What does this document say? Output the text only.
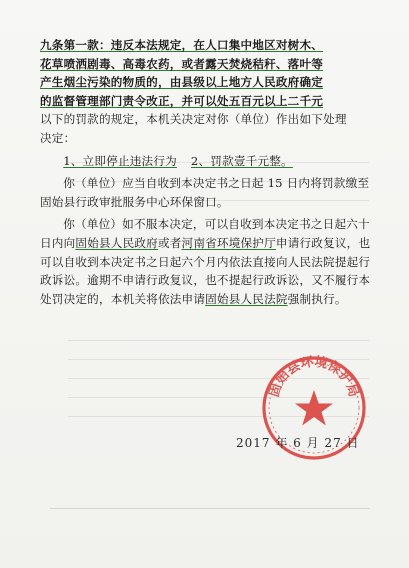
九条第一款：违反本法规定，在人口集中地区对树木、
花草喷洒剧毒、高毒农药，或者露天焚烧秸秆、落叶等
产生烟尘污染的物质的，由县级以上地方人民政府确定
的监督管理部门责令改正，并可以处五百元以上二千元
以下的罚款的规定，本机关决定对你（单位）作出如下处理
决定：

1、立即停止违法行为 2、罚款壹千元整。

你（单位）应当自收到本决定书之日起 15 日内将罚款缴至固始县行政审批服务中心环保窗口。

你（单位）如不服本决定，可以自收到本决定书之日起六十日内向固始县人民政府或者河南省环境保护厅申请行政复议，也可以自收到本决定书之日起六个月内依法直接向人民法院提起行政诉讼。逾期不申请行政复议，也不提起行政诉讼，又不履行本处罚决定的，本机关将依法申请固始县人民法院强制执行。

固始县环境保护局
2017 年 6 月 27 日
